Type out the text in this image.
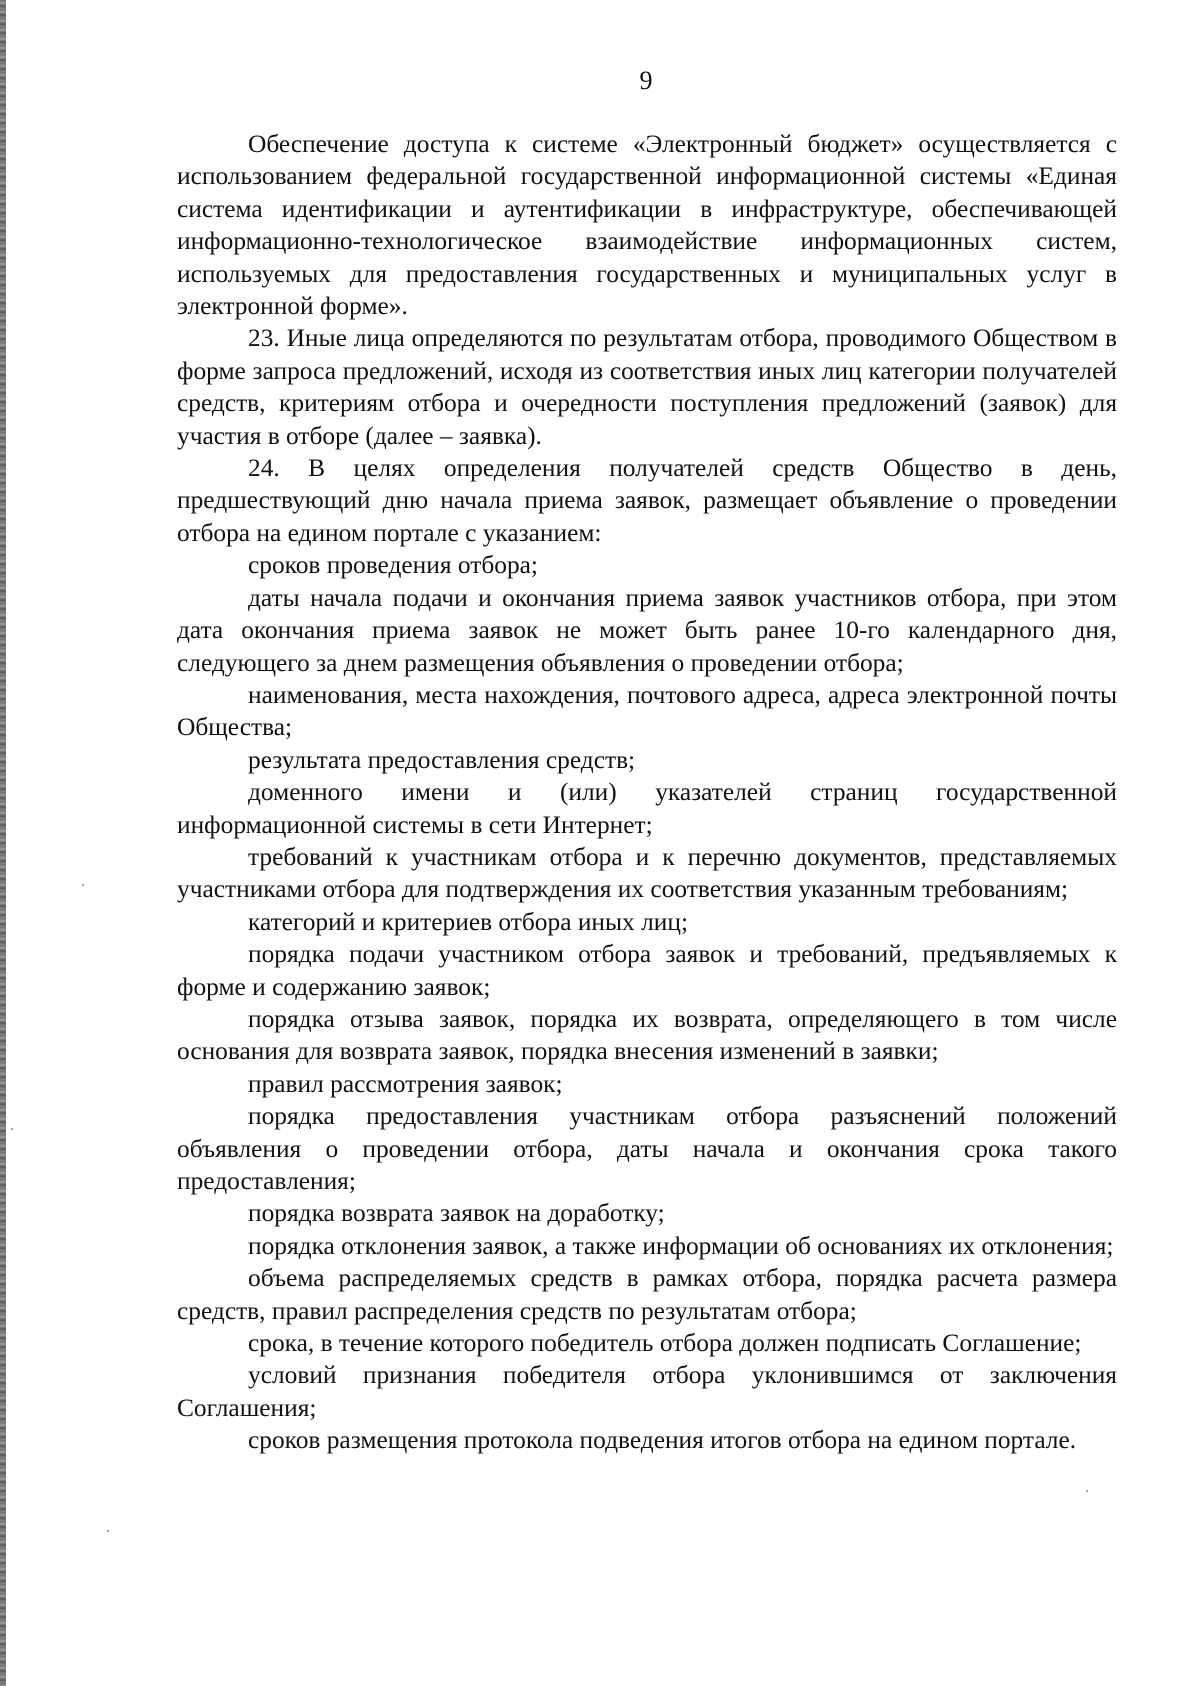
9

Обеспечение доступа к системе «Электронный бюджет» осуществляется с использованием федеральной государственной информационной системы «Единая система идентификации и аутентификации в инфраструктуре, обеспечивающей информационно-технологическое взаимодействие информационных систем, используемых для предоставления государственных и муниципальных услуг в электронной форме».

23. Иные лица определяются по результатам отбора, проводимого Обществом в форме запроса предложений, исходя из соответствия иных лиц категории получателей средств, критериям отбора и очередности поступления предложений (заявок) для участия в отборе (далее – заявка).

24. В целях определения получателей средств Общество в день, предшествующий дню начала приема заявок, размещает объявление о проведении отбора на едином портале с указанием:

сроков проведения отбора;

даты начала подачи и окончания приема заявок участников отбора, при этом дата окончания приема заявок не может быть ранее 10-го календарного дня, следующего за днем размещения объявления о проведении отбора;

наименования, места нахождения, почтового адреса, адреса электронной почты Общества;

результата предоставления средств;

доменного имени и (или) указателей страниц государственной информационной системы в сети Интернет;

требований к участникам отбора и к перечню документов, представляемых участниками отбора для подтверждения их соответствия указанным требованиям;

категорий и критериев отбора иных лиц;

порядка подачи участником отбора заявок и требований, предъявляемых к форме и содержанию заявок;

порядка отзыва заявок, порядка их возврата, определяющего в том числе основания для возврата заявок, порядка внесения изменений в заявки;

правил рассмотрения заявок;

порядка предоставления участникам отбора разъяснений положений объявления о проведении отбора, даты начала и окончания срока такого предоставления;

порядка возврата заявок на доработку;

порядка отклонения заявок, а также информации об основаниях их отклонения;

объема распределяемых средств в рамках отбора, порядка расчета размера средств, правил распределения средств по результатам отбора;

срока, в течение которого победитель отбора должен подписать Соглашение;

условий признания победителя отбора уклонившимся от заключения Соглашения;

сроков размещения протокола подведения итогов отбора на едином портале.
